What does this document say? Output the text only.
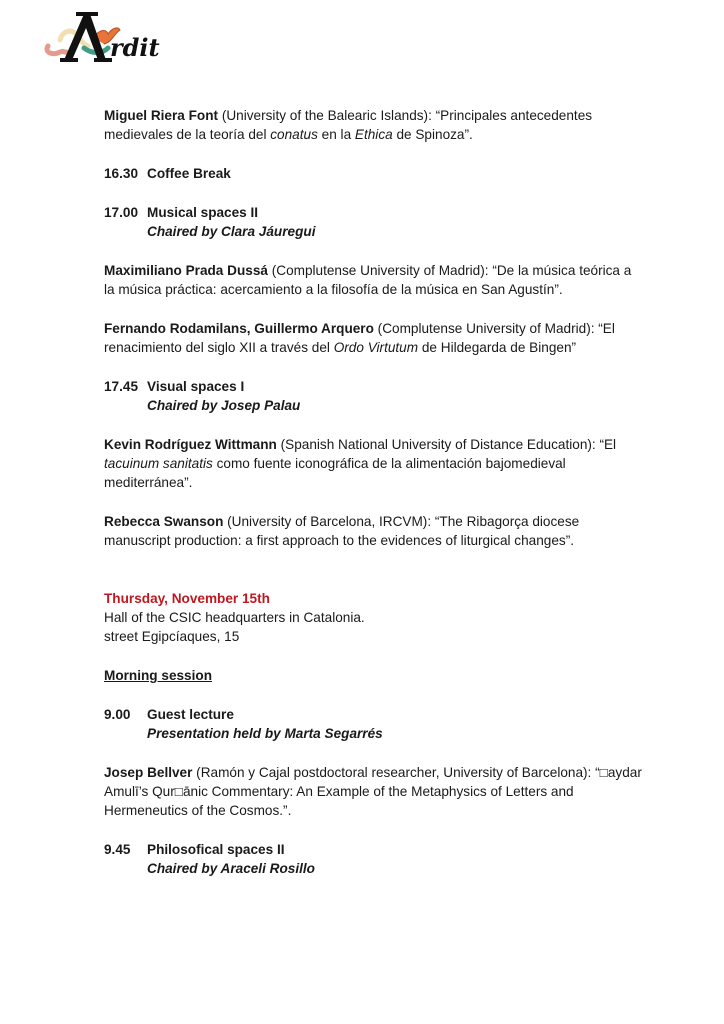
rdit

Miguel Riera Font (University of the Balearic Islands): “Principales antecedentes medievales de la teoría del conatus en la Ethica de Spinoza”.

16.30 Coffee Break
17.00 Musical spaces II
Chaired by Clara Jáuregui

Maximiliano Prada Dussá (Complutense University of Madrid): “De la música teórica a la música práctica: acercamiento a la filosofía de la música en San Agustín”.

Fernando Rodamilans, Guillermo Arquero (Complutense University of Madrid): “El renacimiento del siglo XII a través del Ordo Virtutum de Hildegarda de Bingen”

17.45 Visual spaces I
Chaired by Josep Palau

Kevin Rodríguez Wittmann (Spanish National University of Distance Education): “El tacuinum sanitatis como fuente iconográfica de la alimentación bajomedieval mediterránea”.

Rebecca Swanson (University of Barcelona, IRCVM): “The Ribagorça diocese manuscript production: a first approach to the evidences of liturgical changes”.

Thursday, November 15th
Hall of the CSIC headquarters in Catalonia.
street Egipcíaques, 15
Morning session
9.00	Guest lecture
Presentation held by Marta Segarrés

Josep Bellver (Ramón y Cajal postdoctoral researcher, University of Barcelona): “□aydar Amulī’s Qur□ānic Commentary: An Example of the Metaphysics of Letters and Hermeneutics of the Cosmos.”.

9.45	Philosofical spaces II
Chaired by Araceli Rosillo
